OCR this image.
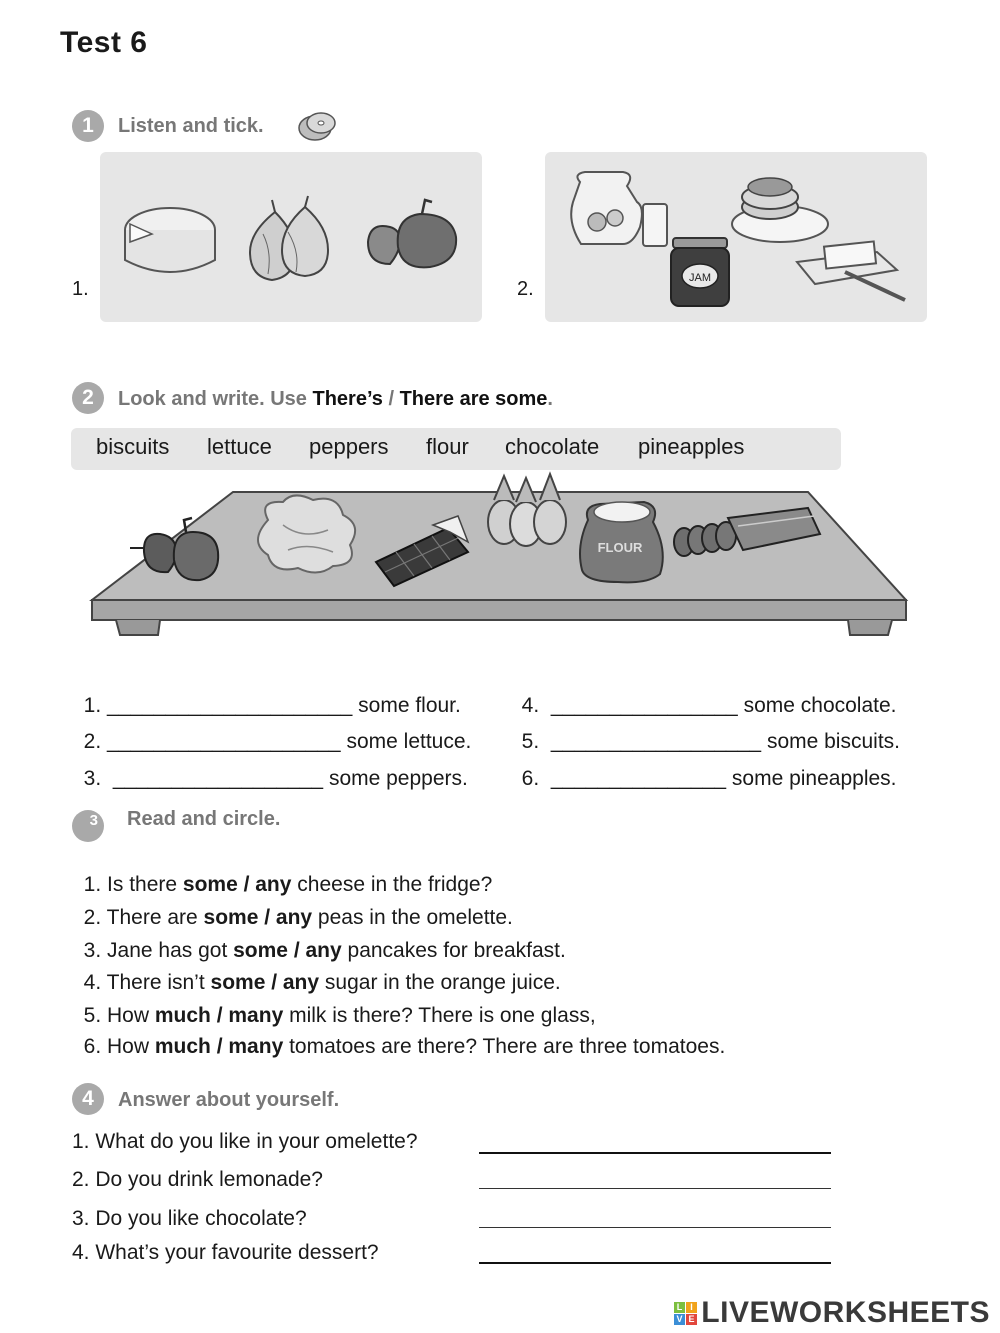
Test 6
1	Listen and tick.
1.	2.	JAM
2	Look and write. Use There’s / There are some.
biscuits lettuce peppers flour chocolate pineapples
FLOUR

1. _____________________ some flour.

2. ____________________ some lettuce.

3. __________________ some peppers.

4. ________________ some chocolate.

5. __________________ some biscuits.

6. _______________ some pineapples.

3	Read and circle.

1. Is there some / any cheese in the fridge?

2. There are some / any peas in the omelette.

3. Jane has got some / any pancakes for breakfast.

4. There isn’t some / any sugar in the orange juice.

5. How much / many milk is there? There is one glass,

6. How much / many tomatoes are there? There are three tomatoes.

4	Answer about yourself.
1. What do you like in your omelette?
2. Do you drink lemonade?
3. Do you like chocolate?
4. What’s your favourite dessert?
L I
V E LIVEWORKSHEETS
